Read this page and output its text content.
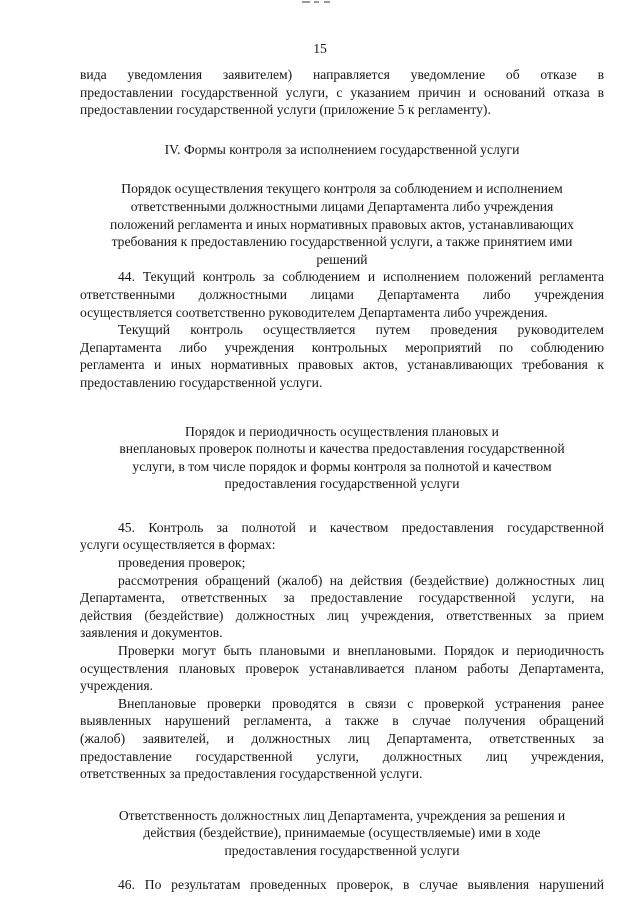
15

вида уведомления заявителем) направляется уведомление об отказе в

предоставлении государственной услуги, с указанием причин и оснований отказа в

предоставлении государственной услуги (приложение 5 к регламенту).

IV. Формы контроля за исполнением государственной услуги

Порядок осуществления текущего контроля за соблюдением и исполнением

ответственными должностными лицами Департамента либо учреждения

положений регламента и иных нормативных правовых актов, устанавливающих

требования к предоставлению государственной услуги, а также принятием ими

решений

44. Текущий контроль за соблюдением и исполнением положений регламента

ответственными должностными лицами Департамента либо учреждения

осуществляется соответственно руководителем Департамента либо учреждения.

Текущий контроль осуществляется путем проведения руководителем

Департамента либо учреждения контрольных мероприятий по соблюдению

регламента и иных нормативных правовых актов, устанавливающих требования к

предоставлению государственной услуги.

Порядок и периодичность осуществления плановых и

внеплановых проверок полноты и качества предоставления государственной

услуги, в том числе порядок и формы контроля за полнотой и качеством

предоставления государственной услуги

45. Контроль за полнотой и качеством предоставления государственной

услуги осуществляется в формах:

проведения проверок;

рассмотрения обращений (жалоб) на действия (бездействие) должностных лиц

Департамента, ответственных за предоставление государственной услуги, на

действия (бездействие) должностных лиц учреждения, ответственных за прием

заявления и документов.

Проверки могут быть плановыми и внеплановыми. Порядок и периодичность

осуществления плановых проверок устанавливается планом работы Департамента,

учреждения.

Внеплановые проверки проводятся в связи с проверкой устранения ранее

выявленных нарушений регламента, а также в случае получения обращений

(жалоб) заявителей, и должностных лиц Департамента, ответственных за

предоставление государственной услуги, должностных лиц учреждения,

ответственных за предоставления государственной услуги.

Ответственность должностных лиц Департамента, учреждения за решения и

действия (бездействие), принимаемые (осуществляемые) ими в ходе

предоставления государственной услуги

46. По результатам проведенных проверок, в случае выявления нарушений
